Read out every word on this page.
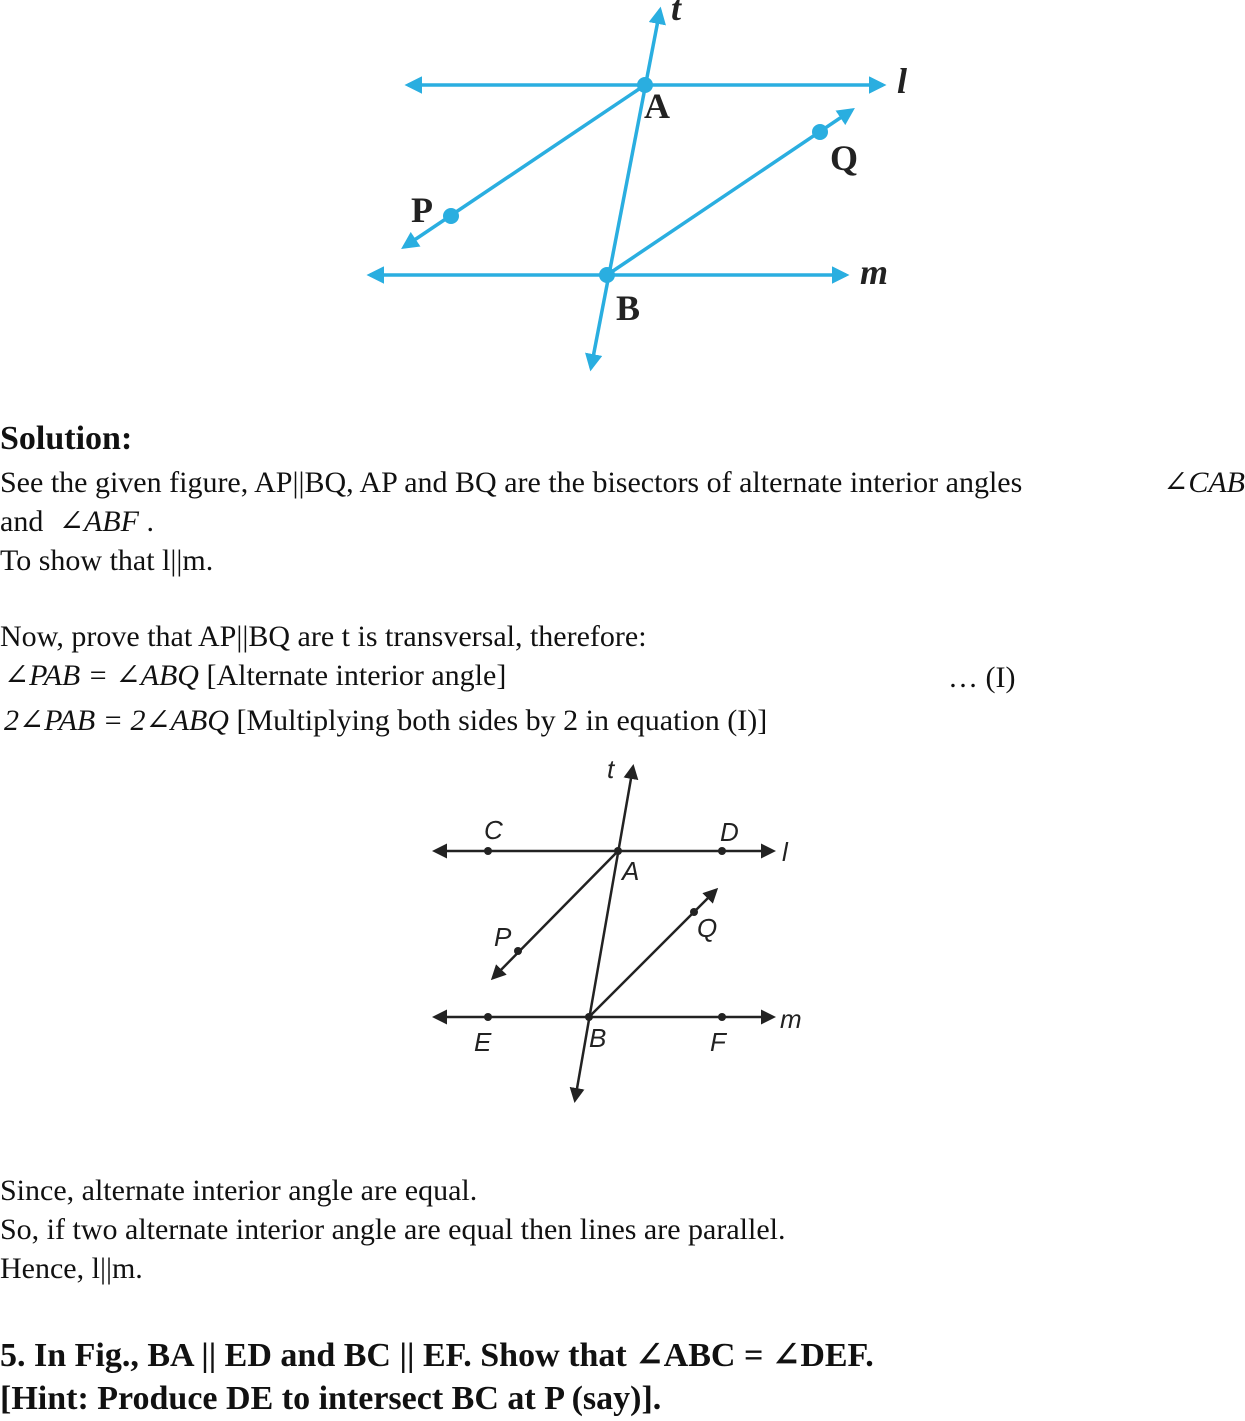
t
l
m
A
B
P
Q
Solution:
See the given figure, AP||BQ, AP and BQ are the bisectors of alternate interior angles	∠CAB
and ∠ABF .
To show that l||m.
Now, prove that AP||BQ are t is transversal, therefore:
∠PAB = ∠ABQ [Alternate interior angle]	… (I)
2∠PAB = 2∠ABQ [Multiplying both sides by 2 in equation (I)]
t
l
m
C	D
A
P	Q
E	B	F
Since, alternate interior angle are equal.
So, if two alternate interior angle are equal then lines are parallel.
Hence, l||m.
5. In Fig., BA || ED and BC || EF. Show that ∠ABC = ∠DEF.
[Hint: Produce DE to intersect BC at P (say)].
